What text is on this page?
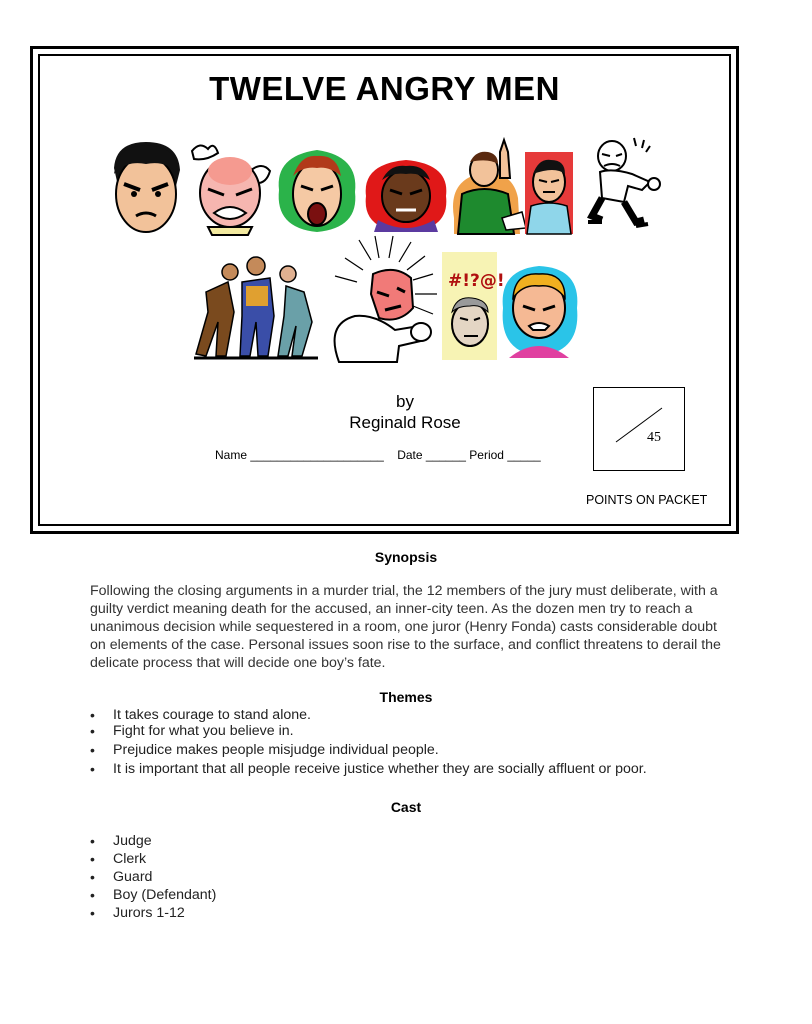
TWELVE ANGRY MEN
#!?@!
by
Reginald Rose
Name ____________________ Date ______ Period _____
45
POINTS ON PACKET
Synopsis
Following the closing arguments in a murder trial, the 12 members of the jury must deliberate, with a guilty verdict meaning death for the accused, an inner-city teen. As the dozen men try to reach a unanimous decision while sequestered in a room, one juror (Henry Fonda) casts considerable doubt on elements of the case. Personal issues soon rise to the surface, and conflict threatens to derail the delicate process that will decide one boy’s fate.
Themes
• It takes courage to stand alone.
• Fight for what you believe in.
• Prejudice makes people misjudge individual people.
• It is important that all people receive justice whether they are socially affluent or poor.
Cast
• Judge
• Clerk
• Guard
• Boy (Defendant)
• Jurors 1-12
